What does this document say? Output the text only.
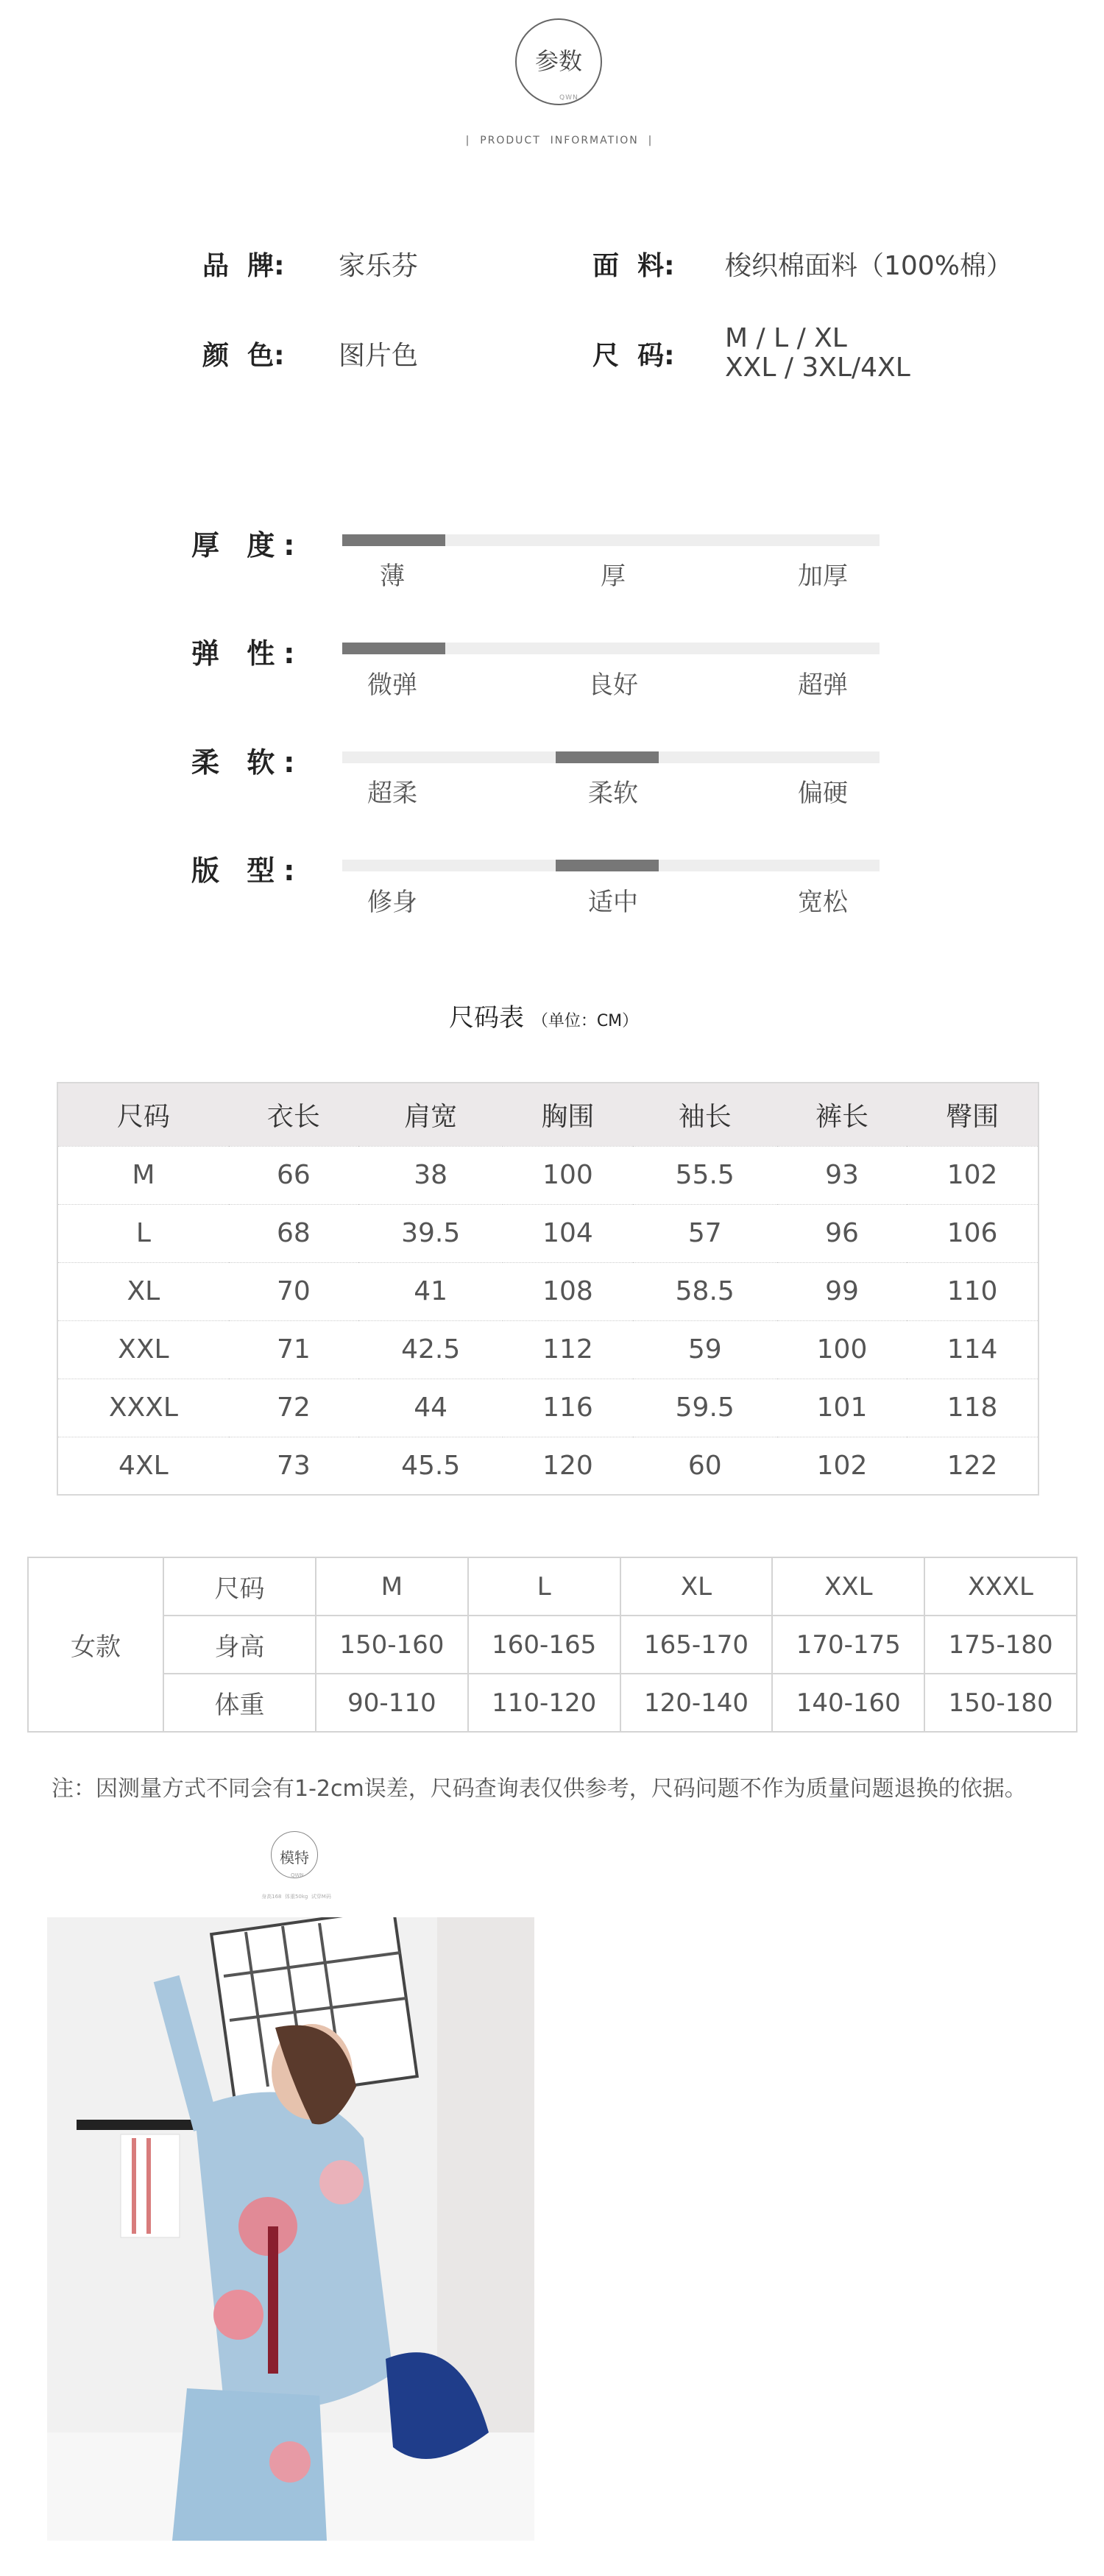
参数
QWN
|  PRODUCT  INFORMATION  |
品  牌: 家乐芬	面  料: 梭织棉面料（100%棉）
颜  色: 图片色	尺  码:
M / L / XL
XXL / 3XL/4XL
厚 度:
薄	厚	加厚
弹 性:
微弹	良好	超弹
柔 软:
超柔	柔软	偏硬
版 型:
修身	适中	宽松
尺码表 （单位：CM）
尺码	衣长	肩宽	胸围	袖长	裤长	臀围
M	66	38	100	55.5	93	102
L	68	39.5	104	57	96	106
XL	70	41	108	58.5	99	110
XXL	71	42.5	112	59	100	114
XXXL	72	44	116	59.5	101	118
4XL	73	45.5	120	60	102	122
女款	尺码	M	L	XL	XXL	XXXL
	身高	150-160	160-165	165-170	170-175	175-180
	体重	90-110	110-120	120-140	140-160	150-180
注：因测量方式不同会有1-2cm误差，尺码查询表仅供参考，尺码问题不作为质量问题退换的依据。
模特
QWN
身高168  体重50kg  试穿M码
